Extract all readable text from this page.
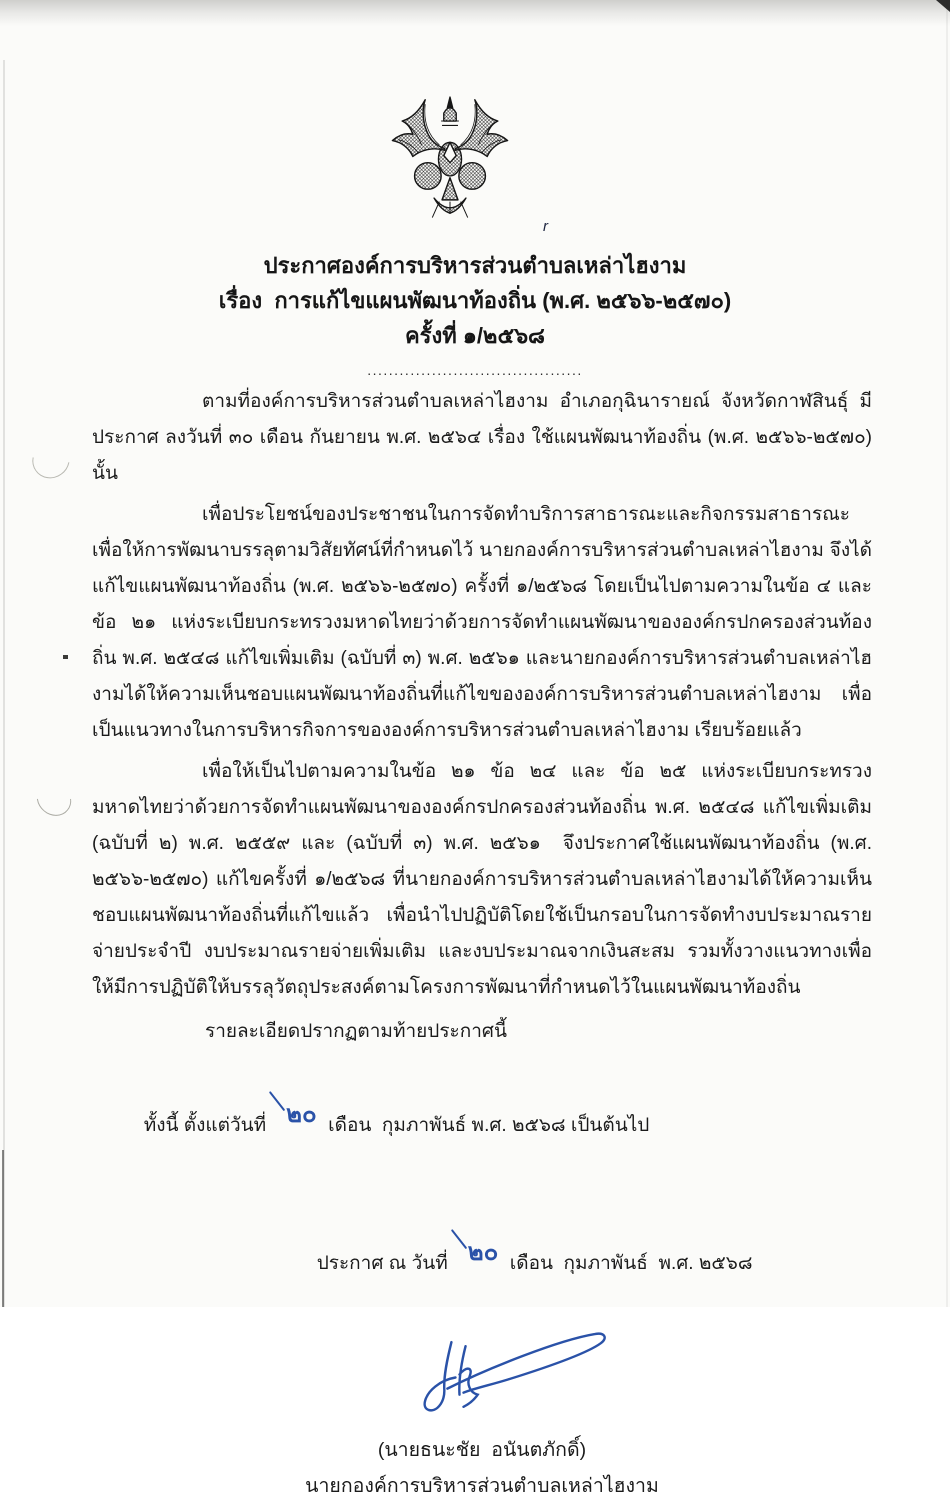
r
ประกาศองค์การบริหารส่วนตำบลเหล่าไฮงาม
เรื่อง  การแก้ไขแผนพัฒนาท้องถิ่น (พ.ศ. ๒๕๖๖-๒๕๗๐)
ครั้งที่ ๑/๒๕๖๘
........................................

ตามที่องค์การบริหารส่วนตำบลเหล่าไฮงาม อำเภอกุฉินารายณ์ จังหวัดกาฬสินธุ์ มีประกาศ ลงวันที่ ๓๐ เดือน กันยายน พ.ศ. ๒๕๖๔ เรื่อง ใช้แผนพัฒนาท้องถิ่น (พ.ศ. ๒๕๖๖-๒๕๗๐) นั้น

เพื่อประโยชน์ของประชาชนในการจัดทำบริการสาธารณะและกิจกรรมสาธารณะ เพื่อให้การพัฒนาบรรลุตามวิสัยทัศน์ที่กำหนดไว้ นายกองค์การบริหารส่วนตำบลเหล่าไฮงาม จึงได้แก้ไขแผนพัฒนาท้องถิ่น (พ.ศ. ๒๕๖๖-๒๕๗๐) ครั้งที่ ๑/๒๕๖๘ โดยเป็นไปตามความในข้อ ๔ และ ข้อ ๒๑ แห่งระเบียบกระทรวงมหาดไทยว่าด้วยการจัดทำแผนพัฒนาขององค์กรปกครองส่วนท้องถิ่น พ.ศ. ๒๕๔๘ แก้ไขเพิ่มเติม (ฉบับที่ ๓) พ.ศ. ๒๕๖๑ และนายกองค์การบริหารส่วนตำบลเหล่าไฮงามได้ให้ความเห็นชอบแผนพัฒนาท้องถิ่นที่แก้ไขขององค์การบริหารส่วนตำบลเหล่าไฮงาม เพื่อเป็นแนวทางในการบริหารกิจการขององค์การบริหารส่วนตำบลเหล่าไฮงาม เรียบร้อยแล้ว

เพื่อให้เป็นไปตามความในข้อ ๒๑ ข้อ ๒๔ และ ข้อ ๒๕ แห่งระเบียบกระทรวงมหาดไทยว่าด้วยการจัดทำแผนพัฒนาขององค์กรปกครองส่วนท้องถิ่น พ.ศ. ๒๕๔๘ แก้ไขเพิ่มเติม (ฉบับที่ ๒) พ.ศ. ๒๕๕๙ และ (ฉบับที่ ๓) พ.ศ. ๒๕๖๑  จึงประกาศใช้แผนพัฒนาท้องถิ่น (พ.ศ. ๒๕๖๖-๒๕๗๐) แก้ไขครั้งที่ ๑/๒๕๖๘ ที่นายกองค์การบริหารส่วนตำบลเหล่าไฮงามได้ให้ความเห็นชอบแผนพัฒนาท้องถิ่นที่แก้ไขแล้ว เพื่อนำไปปฏิบัติโดยใช้เป็นกรอบในการจัดทำงบประมาณรายจ่ายประจำปี งบประมาณรายจ่ายเพิ่มเติม และงบประมาณจากเงินสะสม รวมทั้งวางแนวทางเพื่อให้มีการปฏิบัติให้บรรลุวัตถุประสงค์ตามโครงการพัฒนาที่กำหนดไว้ในแผนพัฒนาท้องถิ่น

รายละเอียดปรากฏตามท้ายประกาศนี้

ทั้งนี้ ตั้งแต่วันที่ ๒๐ เดือน  กุมภาพันธ์ พ.ศ. ๒๕๖๘ เป็นต้นไป

ประกาศ ณ วันที่ ๒๐ เดือน  กุมภาพันธ์  พ.ศ. ๒๕๖๘

(นายธนะชัย  อนันตภักดิ์)
นายกองค์การบริหารส่วนตำบลเหล่าไฮงาม
